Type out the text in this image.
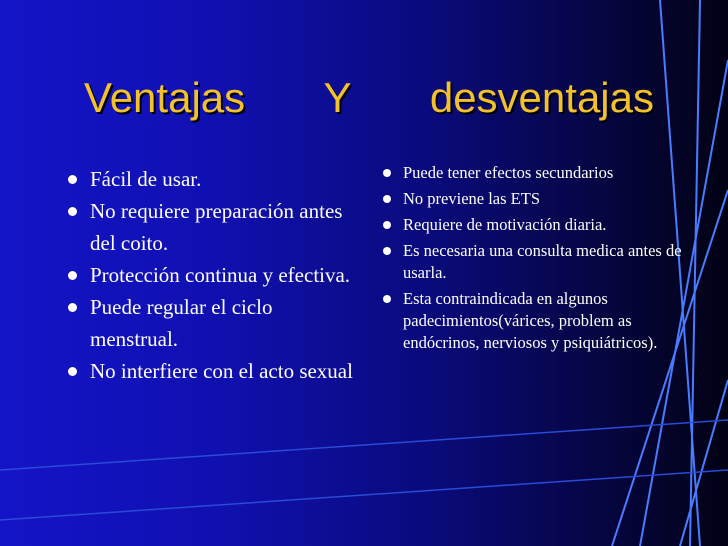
Ventajas Y desventajas
Fácil de usar.
No requiere preparación antes del coito.
Protección continua y efectiva.
Puede regular el ciclo menstrual.
No interfiere con el acto sexual
Puede tener efectos secundarios
No previene las ETS
Requiere de motivación diaria.
Es necesaria una consulta medica antes de usarla.
Esta contraindicada en algunos padecimientos(várices, problem as endócrinos, nerviosos y psiquiátricos).
